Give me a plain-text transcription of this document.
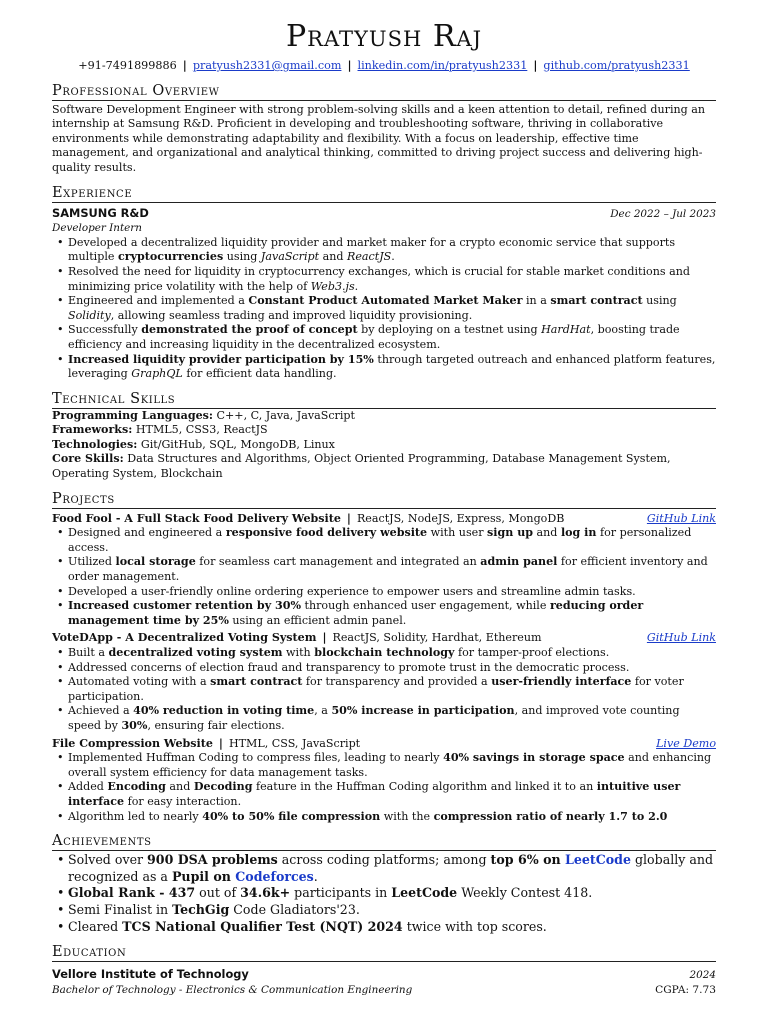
Pratyush Raj
+91-7491899886 | pratyush2331@gmail.com | linkedin.com/in/pratyush2331 | github.com/pratyush2331
Professional Overview
Software Development Engineer with strong problem-solving skills and a keen attention to detail, refined during an internship at Samsung R&D. Proficient in developing and troubleshooting software, thriving in collaborative environments while demonstrating adaptability and flexibility. With a focus on leadership, effective time management, and organizational and analytical thinking, committed to driving project success and delivering high-quality results.
Experience
SAMSUNG R&D	Dec 2022 – Jul 2023
Developer Intern
• Developed a decentralized liquidity provider and market maker for a crypto economic service that supports multiple cryptocurrencies using JavaScript and ReactJS.
• Resolved the need for liquidity in cryptocurrency exchanges, which is crucial for stable market conditions and minimizing price volatility with the help of Web3.js.
• Engineered and implemented a Constant Product Automated Market Maker in a smart contract using Solidity, allowing seamless trading and improved liquidity provisioning.
• Successfully demonstrated the proof of concept by deploying on a testnet using HardHat, boosting trade efficiency and increasing liquidity in the decentralized ecosystem.
• Increased liquidity provider participation by 15% through targeted outreach and enhanced platform features, leveraging GraphQL for efficient data handling.
Technical Skills
Programming Languages: C++, C, Java, JavaScript
Frameworks: HTML5, CSS3, ReactJS
Technologies: Git/GitHub, SQL, MongoDB, Linux
Core Skills: Data Structures and Algorithms, Object Oriented Programming, Database Management System, Operating System, Blockchain
Projects
Food Fool - A Full Stack Food Delivery Website | ReactJS, NodeJS, Express, MongoDB	GitHub Link
• Designed and engineered a responsive food delivery website with user sign up and log in for personalized access.
• Utilized local storage for seamless cart management and integrated an admin panel for efficient inventory and order management.
• Developed a user-friendly online ordering experience to empower users and streamline admin tasks.
• Increased customer retention by 30% through enhanced user engagement, while reducing order management time by 25% using an efficient admin panel.
VoteDApp - A Decentralized Voting System | ReactJS, Solidity, Hardhat, Ethereum	GitHub Link
• Built a decentralized voting system with blockchain technology for tamper-proof elections.
• Addressed concerns of election fraud and transparency to promote trust in the democratic process.
• Automated voting with a smart contract for transparency and provided a user-friendly interface for voter participation.
• Achieved a 40% reduction in voting time, a 50% increase in participation, and improved vote counting speed by 30%, ensuring fair elections.
File Compression Website | HTML, CSS, JavaScript	Live Demo
• Implemented Huffman Coding to compress files, leading to nearly 40% savings in storage space and enhancing overall system efficiency for data management tasks.
• Added Encoding and Decoding feature in the Huffman Coding algorithm and linked it to an intuitive user interface for easy interaction.
• Algorithm led to nearly 40% to 50% file compression with the compression ratio of nearly 1.7 to 2.0
Achievements
• Solved over 900 DSA problems across coding platforms; among top 6% on LeetCode globally and recognized as a Pupil on Codeforces.
• Global Rank - 437 out of 34.6k+ participants in LeetCode Weekly Contest 418.
• Semi Finalist in TechGig Code Gladiators'23.
• Cleared TCS National Qualifier Test (NQT) 2024 twice with top scores.
Education
Vellore Institute of Technology	2024
Bachelor of Technology - Electronics & Communication Engineering	CGPA: 7.73
